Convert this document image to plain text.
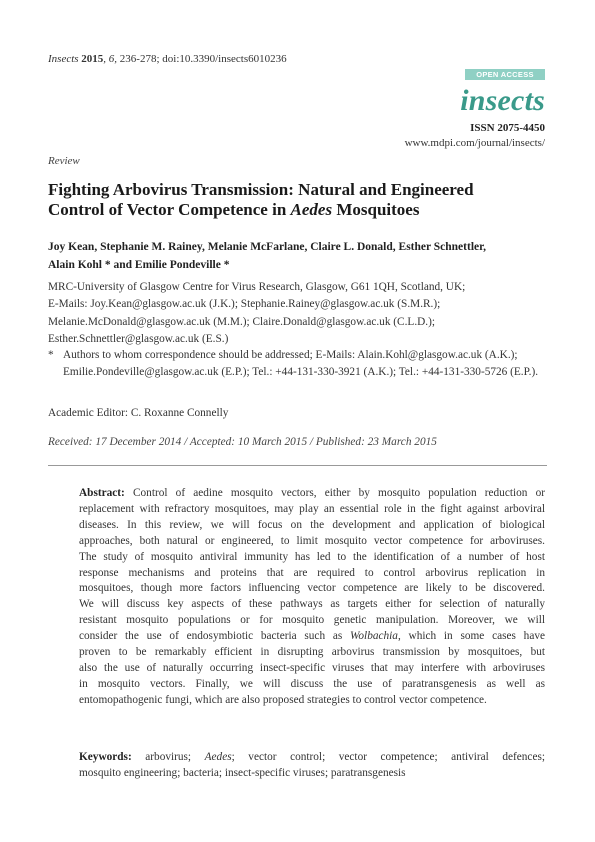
Insects 2015, 6, 236-278; doi:10.3390/insects6010236
OPEN ACCESS
insects
ISSN 2075-4450
www.mdpi.com/journal/insects/
Review
Fighting Arbovirus Transmission: Natural and Engineered
Control of Vector Competence in Aedes Mosquitoes
Joy Kean, Stephanie M. Rainey, Melanie McFarlane, Claire L. Donald, Esther Schnettler,
Alain Kohl * and Emilie Pondeville *
MRC-University of Glasgow Centre for Virus Research, Glasgow, G61 1QH, Scotland, UK;
E-Mails: Joy.Kean@glasgow.ac.uk (J.K.); Stephanie.Rainey@glasgow.ac.uk (S.M.R.);
Melanie.McDonald@glasgow.ac.uk (M.M.); Claire.Donald@glasgow.ac.uk (C.L.D.);
Esther.Schnettler@glasgow.ac.uk (E.S.)
* Authors to whom correspondence should be addressed; E-Mails: Alain.Kohl@glasgow.ac.uk (A.K.);
Emilie.Pondeville@glasgow.ac.uk (E.P.); Tel.: +44-131-330-3921 (A.K.); Tel.: +44-131-330-5726 (E.P.).
Academic Editor: C. Roxanne Connelly
Received: 17 December 2014 / Accepted: 10 March 2015 / Published: 23 March 2015
Abstract: Control of aedine mosquito vectors, either by mosquito population reduction or
replacement with refractory mosquitoes, may play an essential role in the fight against arboviral
diseases. In this review, we will focus on the development and application of biological
approaches, both natural or engineered, to limit mosquito vector competence for arboviruses.
The study of mosquito antiviral immunity has led to the identification of a number of host
response mechanisms and proteins that are required to control arbovirus replication in
mosquitoes, though more factors influencing vector competence are likely to be discovered.
We will discuss key aspects of these pathways as targets either for selection of naturally
resistant mosquito populations or for mosquito genetic manipulation. Moreover, we will
consider the use of endosymbiotic bacteria such as Wolbachia, which in some cases have
proven to be remarkably efficient in disrupting arbovirus transmission by mosquitoes, but
also the use of naturally occurring insect-specific viruses that may interfere with arboviruses
in mosquito vectors. Finally, we will discuss the use of paratransgenesis as well as
entomopathogenic fungi, which are also proposed strategies to control vector competence.
Keywords: arbovirus; Aedes; vector control; vector competence; antiviral defences;
mosquito engineering; bacteria; insect-specific viruses; paratransgenesis
